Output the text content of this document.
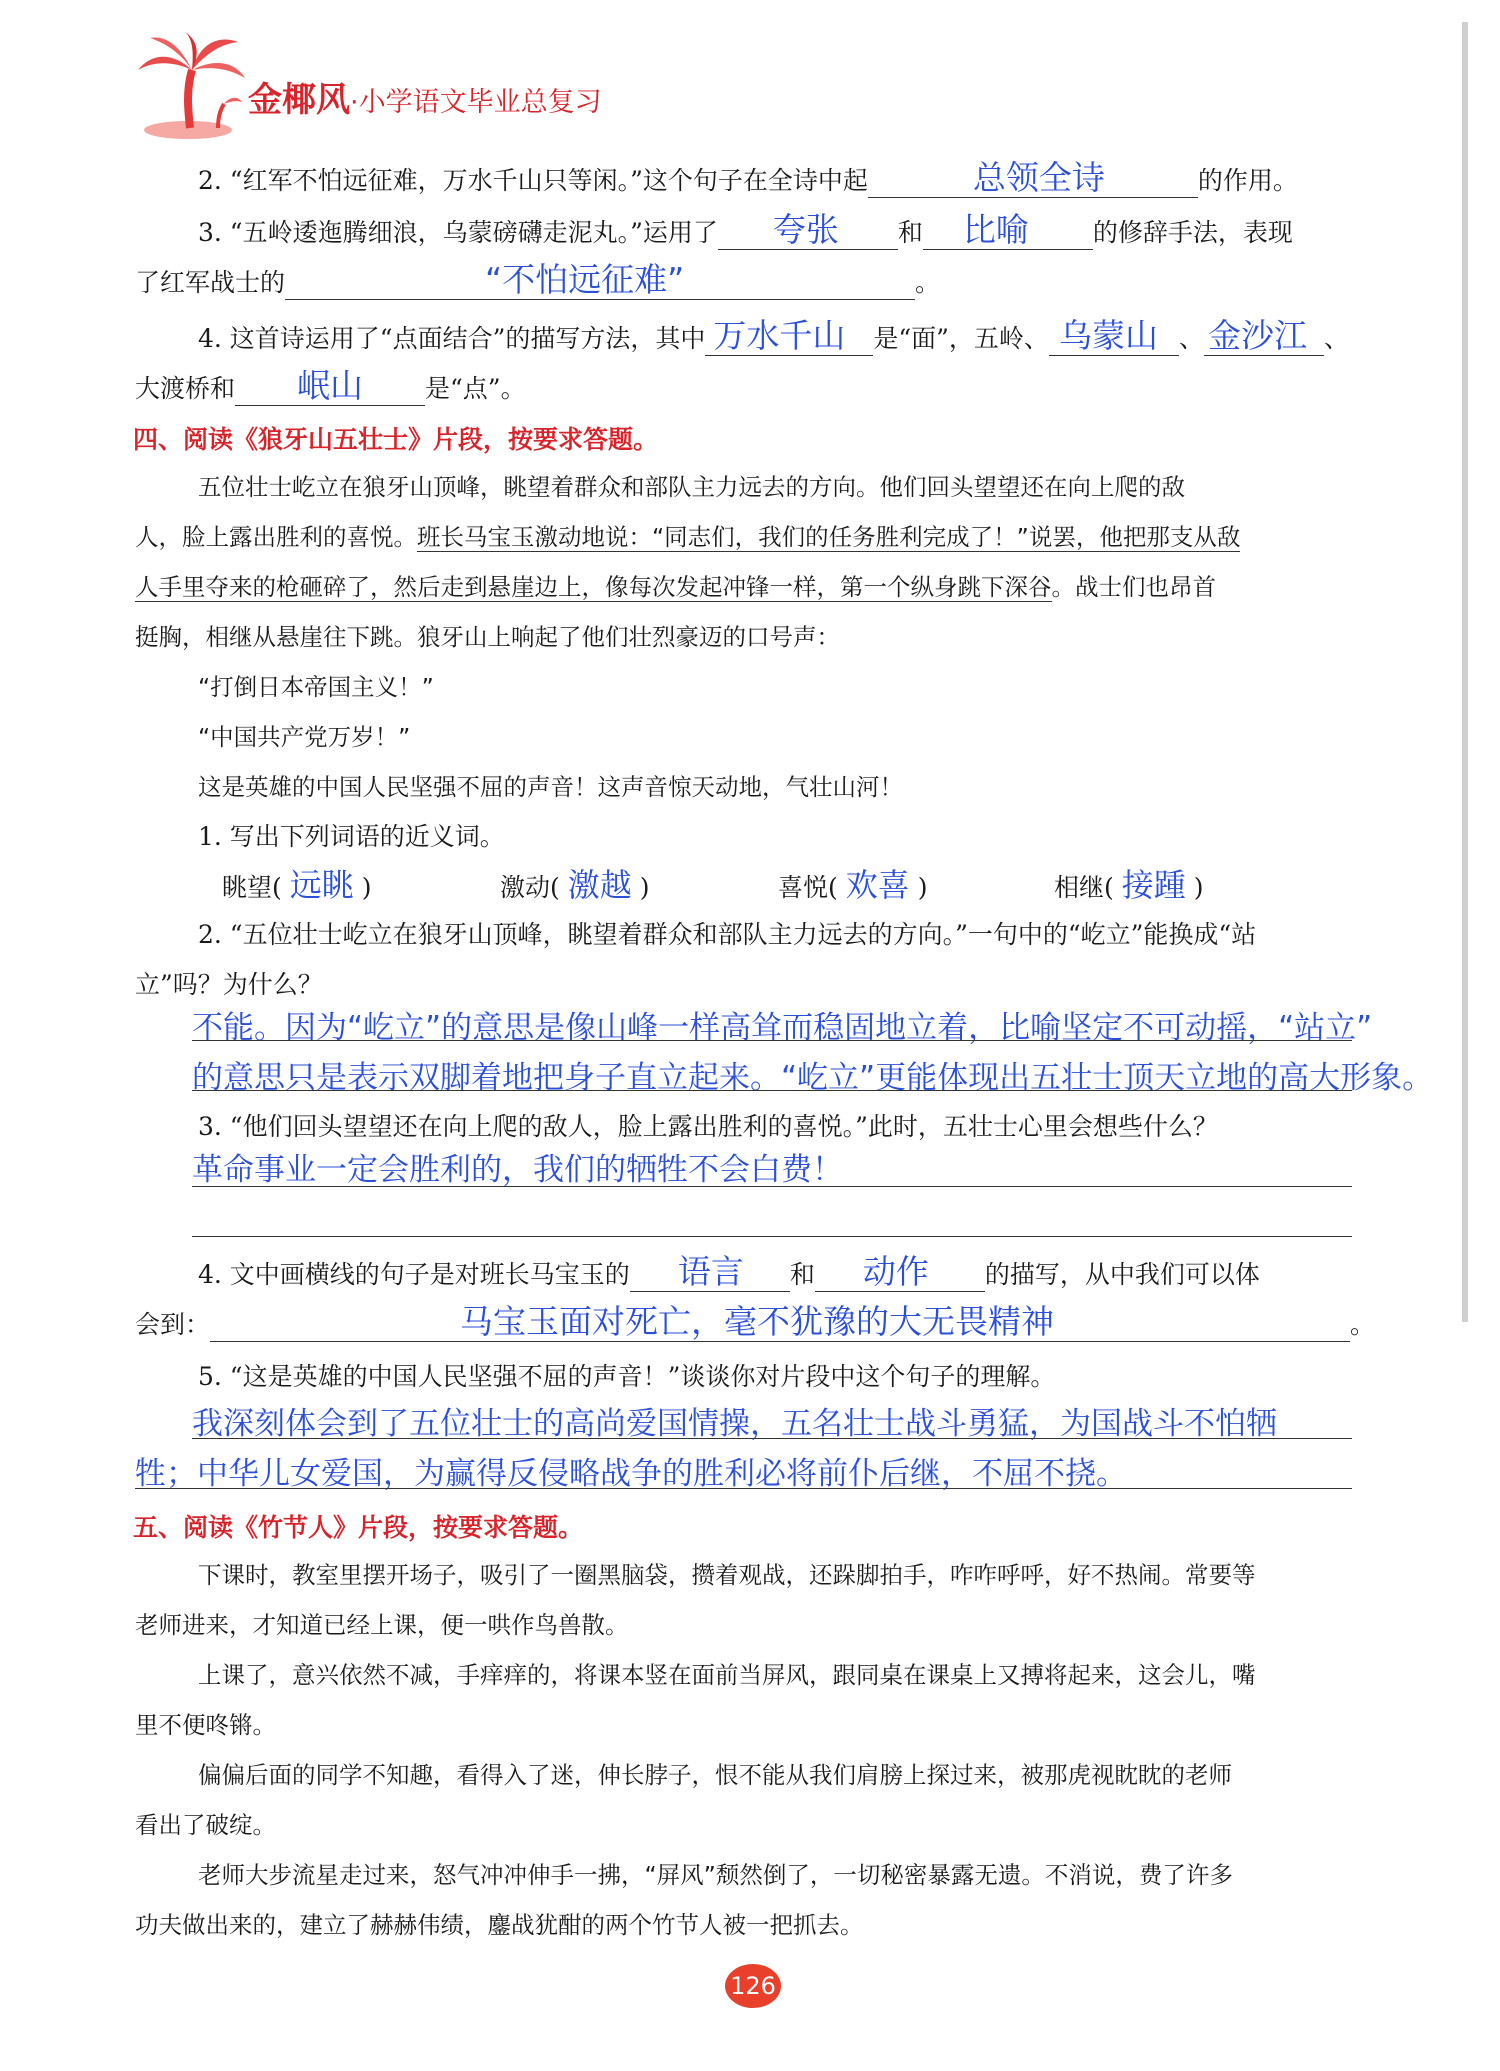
金椰风·小学语文毕业总复习
2. “红军不怕远征难，万水千山只等闲。”这个句子在全诗中起	总领全诗	的作用。
3. “五岭逶迤腾细浪，乌蒙磅礴走泥丸。”运用了 夸张 和 比喻	的修辞手法，表现
了红军战士的	“不怕远征难”	。
4. 这首诗运用了“点面结合”的描写方法，其中 万水千山 是“面”，五岭、 乌蒙山 、 金沙江 、
大渡桥和 岷山 是“点”。
四、阅读《狼牙山五壮士》片段，按要求答题。
五位壮士屹立在狼牙山顶峰，眺望着群众和部队主力远去的方向。他们回头望望还在向上爬的敌
人，脸上露出胜利的喜悦。班长马宝玉激动地说：“同志们，我们的任务胜利完成了！”说罢，他把那支从敌
人手里夺来的枪砸碎了，然后走到悬崖边上，像每次发起冲锋一样，第一个纵身跳下深谷。战士们也昂首
挺胸，相继从悬崖往下跳。狼牙山上响起了他们壮烈豪迈的口号声：
“打倒日本帝国主义！”
“中国共产党万岁！”
这是英雄的中国人民坚强不屈的声音！这声音惊天动地，气壮山河！
1. 写出下列词语的近义词。
眺望( 远眺 )	激动( 激越 )	喜悦( 欢喜 )	相继( 接踵 )
2. “五位壮士屹立在狼牙山顶峰，眺望着群众和部队主力远去的方向。”一句中的“屹立”能换成“站
立”吗？为什么？
不能。因为“屹立”的意思是像山峰一样高耸而稳固地立着，比喻坚定不可动摇，“站立”
的意思只是表示双脚着地把身子直立起来。“屹立”更能体现出五壮士顶天立地的高大形象。
3. “他们回头望望还在向上爬的敌人，脸上露出胜利的喜悦。”此时，五壮士心里会想些什么？
革命事业一定会胜利的，我们的牺牲不会白费！
4. 文中画横线的句子是对班长马宝玉的 语言 和 动作 的描写，从中我们可以体
会到：	马宝玉面对死亡，毫不犹豫的大无畏精神	。
5. “这是英雄的中国人民坚强不屈的声音！”谈谈你对片段中这个句子的理解。
我深刻体会到了五位壮士的高尚爱国情操，五名壮士战斗勇猛，为国战斗不怕牺
牲；中华儿女爱国，为赢得反侵略战争的胜利必将前仆后继，不屈不挠。
五、阅读《竹节人》片段，按要求答题。
下课时，教室里摆开场子，吸引了一圈黑脑袋，攒着观战，还跺脚拍手，咋咋呼呼，好不热闹。常要等
老师进来，才知道已经上课，便一哄作鸟兽散。
上课了，意兴依然不减，手痒痒的，将课本竖在面前当屏风，跟同桌在课桌上又搏将起来，这会儿，嘴
里不便咚锵。
偏偏后面的同学不知趣，看得入了迷，伸长脖子，恨不能从我们肩膀上探过来，被那虎视眈眈的老师
看出了破绽。
老师大步流星走过来，怒气冲冲伸手一拂，“屏风”颓然倒了，一切秘密暴露无遗。不消说，费了许多
功夫做出来的，建立了赫赫伟绩，鏖战犹酣的两个竹节人被一把抓去。
126
